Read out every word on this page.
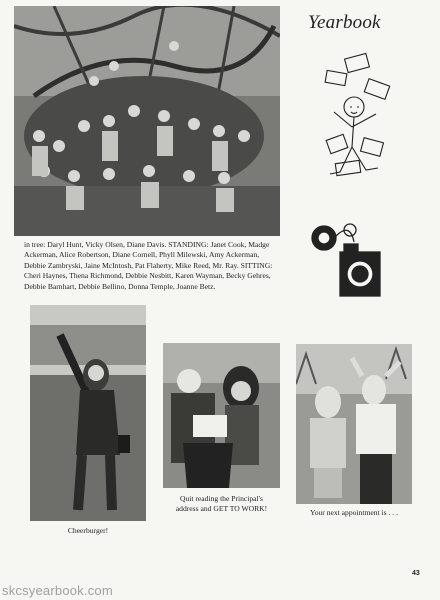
Yearbook
in tree: Daryl Hunt, Vicky Olsen, Diane Davis. STANDING: Janet Cook, Madge Ackerman, Alice Robertson, Diane Cornell, Phyll Milewski, Amy Ackerman, Debbie Zambryski, Jaine McIntosh, Pat Flaherty, Mike Reed, Mr. Ray. SITTING: Cheri Haynes, Thena Richmond, Debbie Nesbitt, Karen Wayman, Becky Gehres, Debbie Barnhart, Debbie Bellino, Donna Temple, Joanne Betz.
Cheerburger!
Quit reading the Principal's
address and GET TO WORK!	Your next appointment is . . .
43
skcsyearbook.com
